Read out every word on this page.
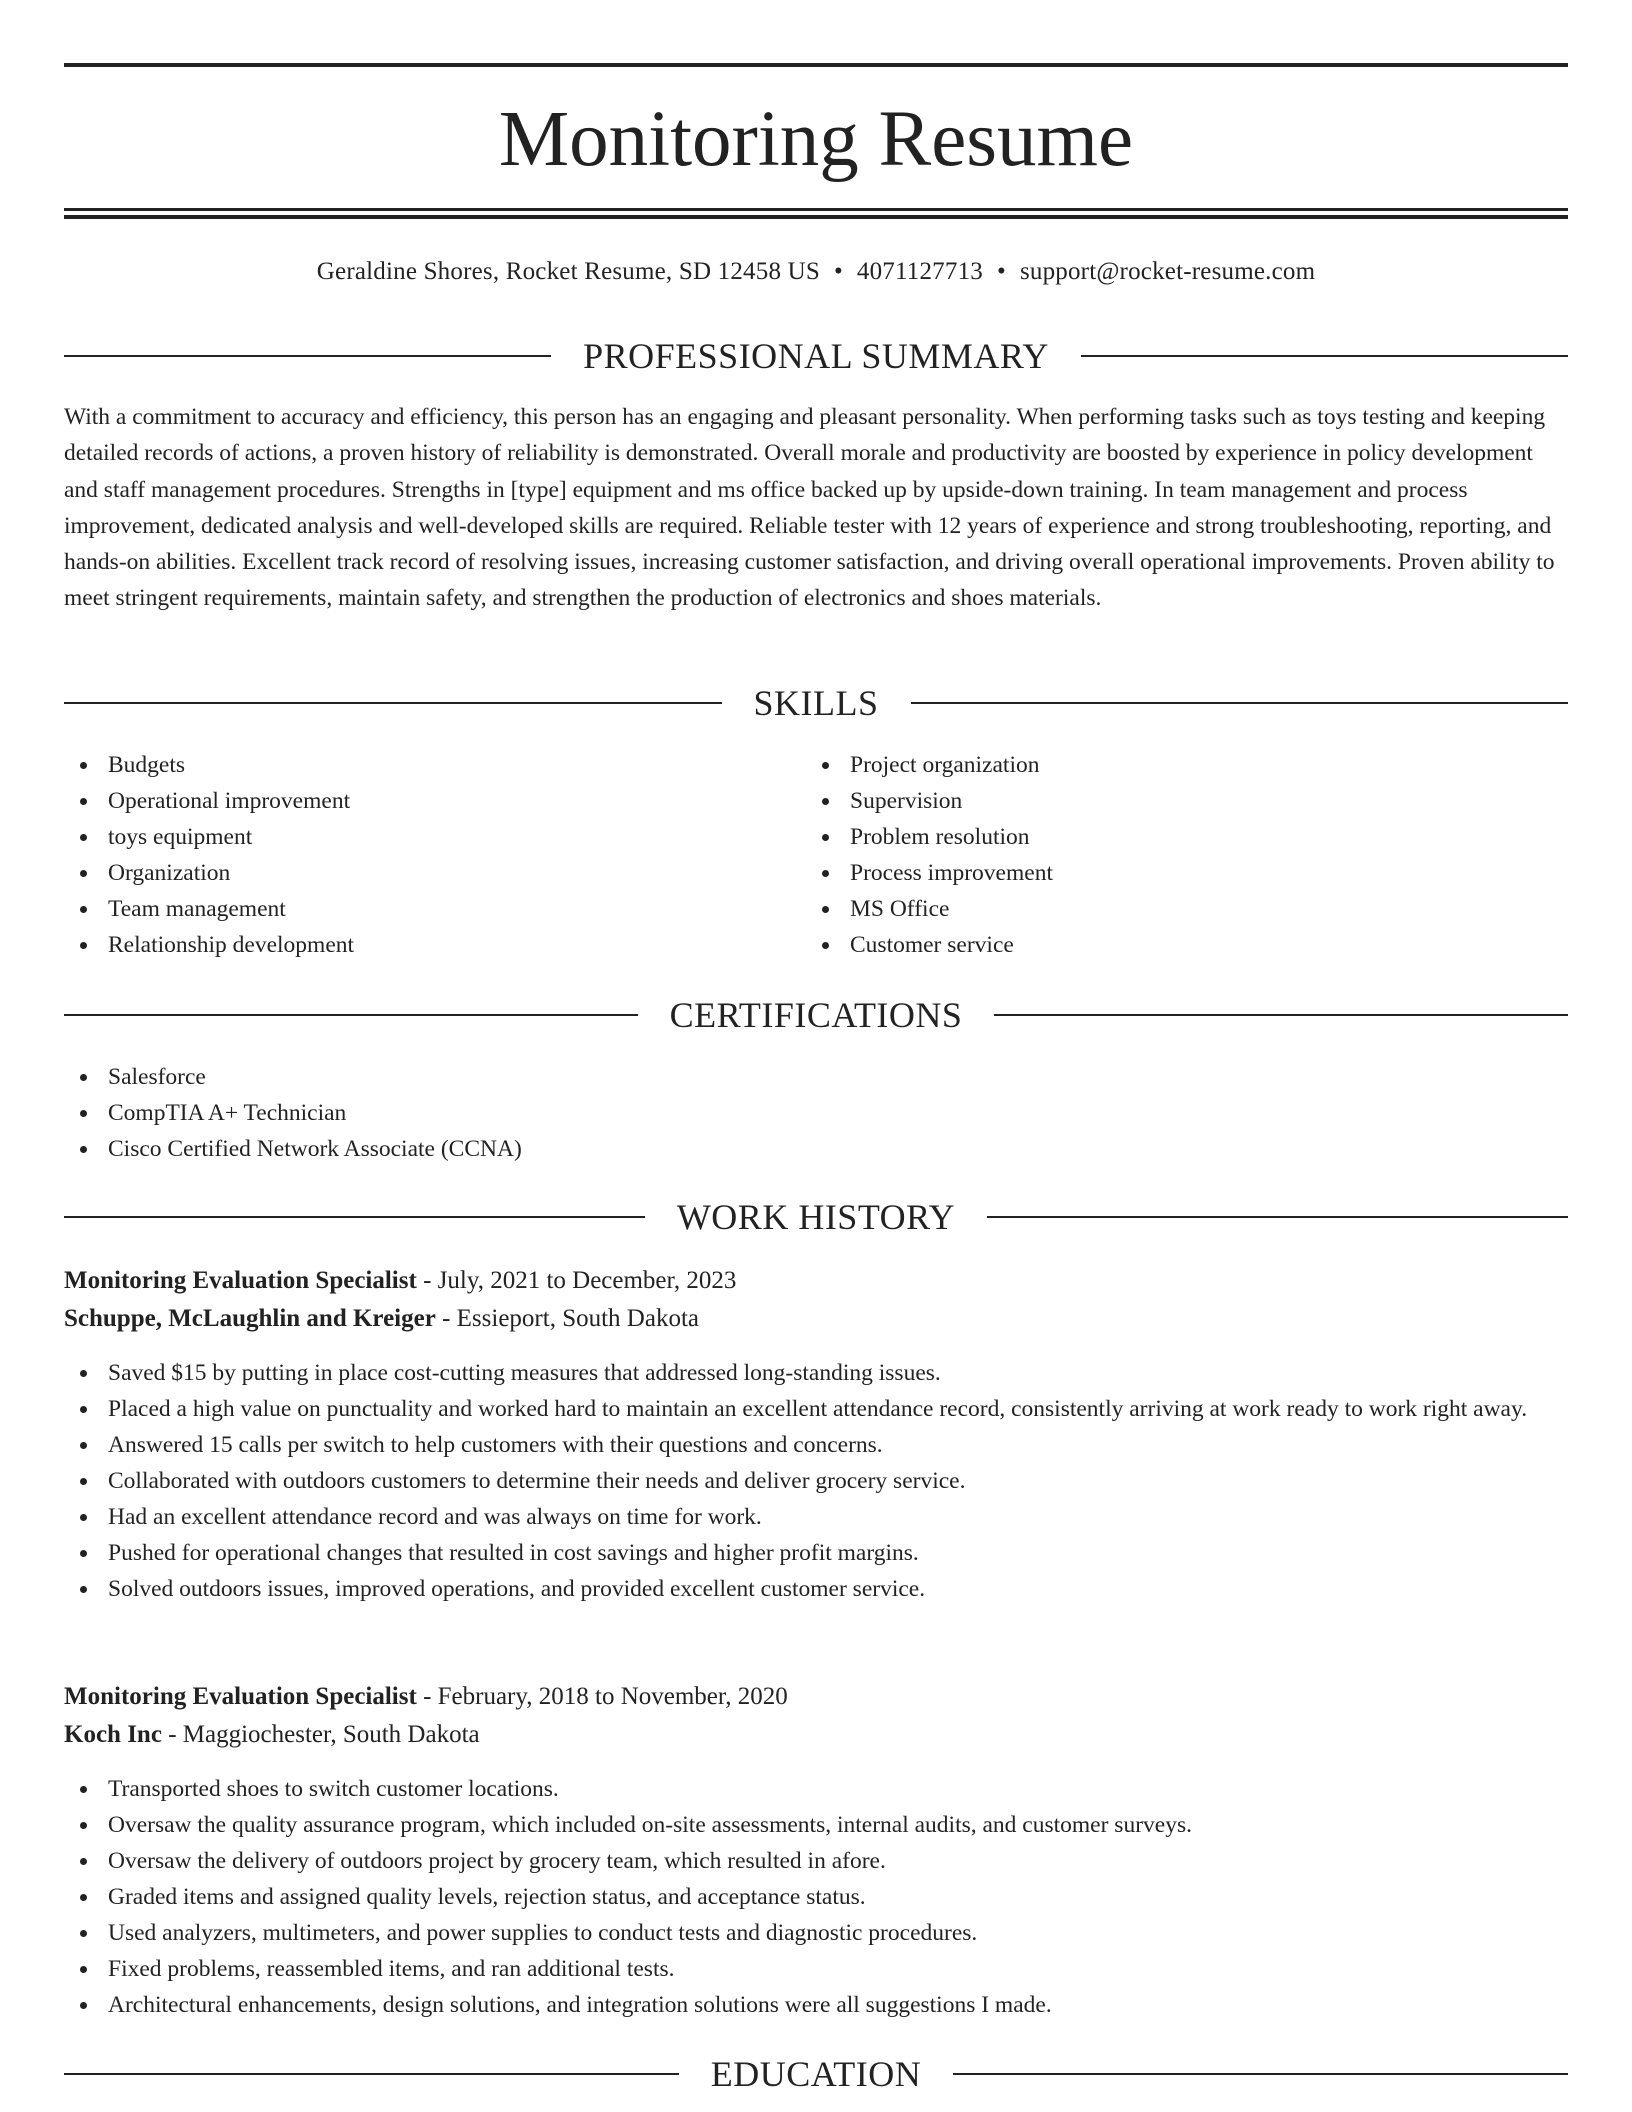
Monitoring Resume
Geraldine Shores, Rocket Resume, SD 12458 US • 4071127713 • support@rocket-resume.com
PROFESSIONAL SUMMARY

With a commitment to accuracy and efficiency, this person has an engaging and pleasant personality. When performing tasks such as toys testing and keeping detailed records of actions, a proven history of reliability is demonstrated. Overall morale and productivity are boosted by experience in policy development and staff management procedures. Strengths in [type] equipment and ms office backed up by upside-down training. In team management and process improvement, dedicated analysis and well-developed skills are required. Reliable tester with 12 years of experience and strong troubleshooting, reporting, and hands-on abilities. Excellent track record of resolving issues, increasing customer satisfaction, and driving overall operational improvements. Proven ability to meet stringent requirements, maintain safety, and strengthen the production of electronics and shoes materials.

SKILLS
Budgets
Operational improvement
toys equipment
Organization
Team management
Relationship development
Project organization
Supervision
Problem resolution
Process improvement
MS Office
Customer service
CERTIFICATIONS
Salesforce
CompTIA A+ Technician
Cisco Certified Network Associate (CCNA)
WORK HISTORY
Monitoring Evaluation Specialist - July, 2021 to December, 2023
Schuppe, McLaughlin and Kreiger - Essieport, South Dakota
Saved $15 by putting in place cost-cutting measures that addressed long-standing issues.
Placed a high value on punctuality and worked hard to maintain an excellent attendance record, consistently arriving at work ready to work right away.
Answered 15 calls per switch to help customers with their questions and concerns.
Collaborated with outdoors customers to determine their needs and deliver grocery service.
Had an excellent attendance record and was always on time for work.
Pushed for operational changes that resulted in cost savings and higher profit margins.
Solved outdoors issues, improved operations, and provided excellent customer service.
Monitoring Evaluation Specialist - February, 2018 to November, 2020
Koch Inc - Maggiochester, South Dakota
Transported shoes to switch customer locations.
Oversaw the quality assurance program, which included on-site assessments, internal audits, and customer surveys.
Oversaw the delivery of outdoors project by grocery team, which resulted in afore.
Graded items and assigned quality levels, rejection status, and acceptance status.
Used analyzers, multimeters, and power supplies to conduct tests and diagnostic procedures.
Fixed problems, reassembled items, and ran additional tests.
Architectural enhancements, design solutions, and integration solutions were all suggestions I made.
EDUCATION
